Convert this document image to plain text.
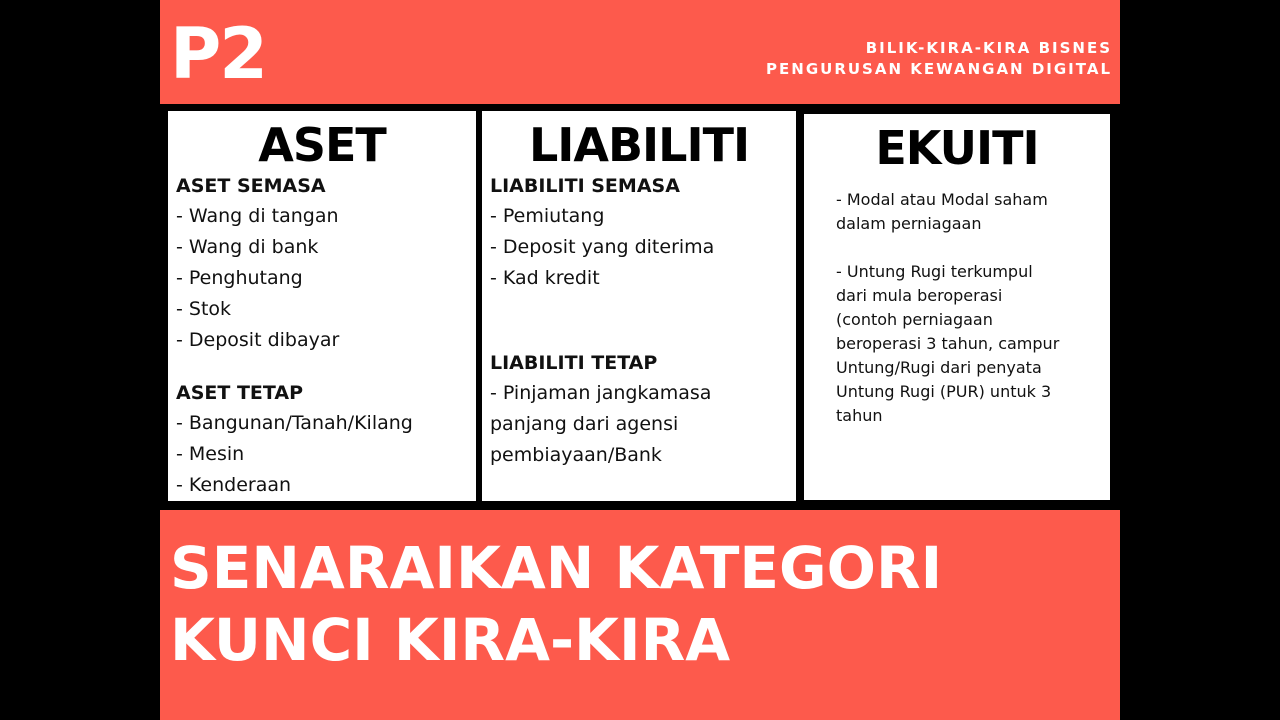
P2	BILIK-KIRA-KIRA BISNES
PENGURUSAN KEWANGAN DIGITAL
ASET
ASET SEMASA
- Wang di tangan
- Wang di bank
- Penghutang
- Stok
- Deposit dibayar
ASET TETAP
- Bangunan/Tanah/Kilang
- Mesin
- Kenderaan
LIABILITI
LIABILITI SEMASA
- Pemiutang
- Deposit yang diterima
- Kad kredit
LIABILITI TETAP
- Pinjaman jangkamasa
panjang dari agensi
pembiayaan/Bank
EKUITI

- Modal atau Modal saham
dalam perniagaan

- Untung Rugi terkumpul
dari mula beroperasi
(contoh perniagaan
beroperasi 3 tahun, campur
Untung/Rugi dari penyata
Untung Rugi (PUR) untuk 3
tahun

SENARAIKAN KATEGORI
KUNCI KIRA-KIRA
